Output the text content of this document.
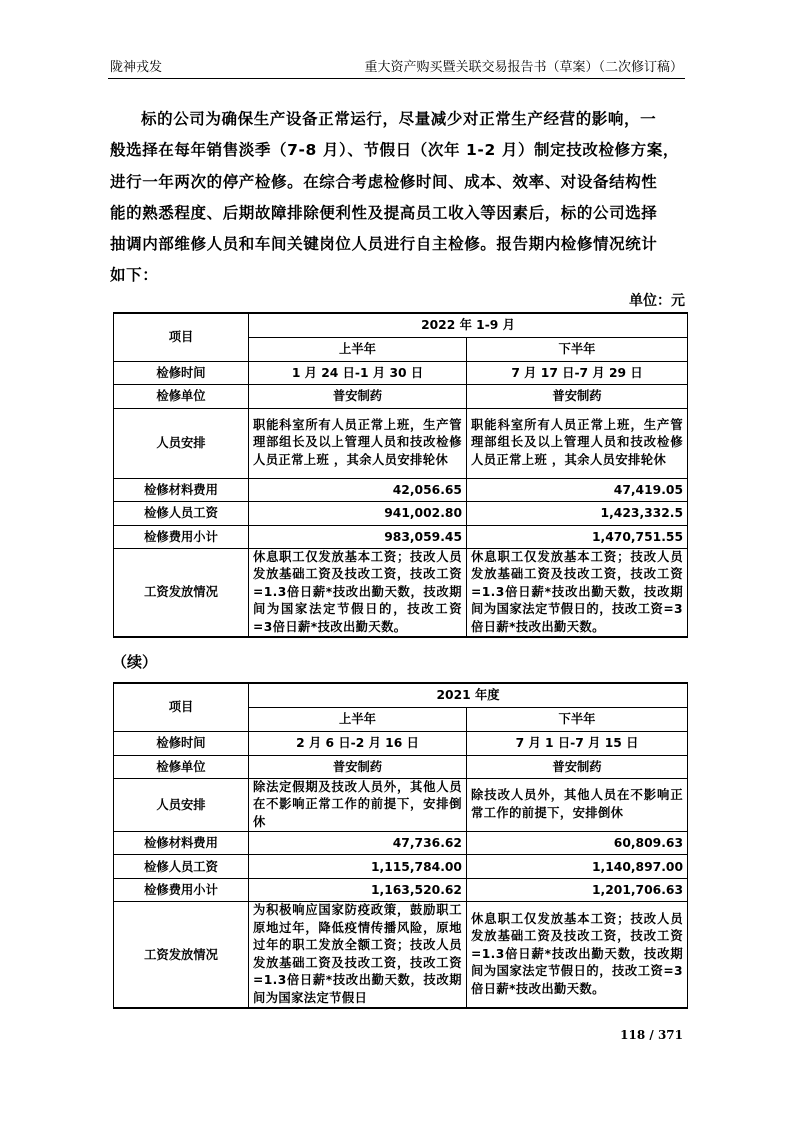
陇神戎发	重大资产购买暨关联交易报告书（草案）（二次修订稿）
标的公司为确保生产设备正常运行，尽量减少对正常生产经营的影响，一
般选择在每年销售淡季（7-8 月）、节假日（次年 1-2 月）制定技改检修方案，
进行一年两次的停产检修。在综合考虑检修时间、成本、效率、对设备结构性
能的熟悉程度、后期故障排除便利性及提高员工收入等因素后，标的公司选择
抽调内部维修人员和车间关键岗位人员进行自主检修。报告期内检修情况统计
如下：
单位：元
项目	2022 年 1-9 月	
	上半年	下半年
检修时间	1 月 24 日-1 月 30 日	7 月 17 日-7 月 29 日
检修单位	普安制药	普安制药
人员安排	职能科室所有人员正常上班，生产管理部组长及以上管理人员和技改检修人员正常上班 ，其余人员安排轮休	职能科室所有人员正常上班，生产管理部组长及以上管理人员和技改检修人员正常上班 ，其余人员安排轮休
检修材料费用	42,056.65	47,419.05
检修人员工资	941,002.80	1,423,332.5
检修费用小计	983,059.45	1,470,751.55
工资发放情况	休息职工仅发放基本工资；技改人员发放基础工资及技改工资，技改工资=1.3倍日薪*技改出勤天数，技改期间为国家法定节假日的，技改工资=3倍日薪*技改出勤天数。	休息职工仅发放基本工资；技改人员发放基础工资及技改工资，技改工资=1.3倍日薪*技改出勤天数，技改期间为国家法定节假日的，技改工资=3倍日薪*技改出勤天数。
（续）
项目	2021 年度	
	上半年	下半年
检修时间	2 月 6 日-2 月 16 日	7 月 1 日-7 月 15 日
检修单位	普安制药	普安制药
人员安排	除法定假期及技改人员外，其他人员在不影响正常工作的前提下，安排倒休	除技改人员外，其他人员在不影响正常工作的前提下，安排倒休
检修材料费用	47,736.62	60,809.63
检修人员工资	1,115,784.00	1,140,897.00
检修费用小计	1,163,520.62	1,201,706.63
工资发放情况	为积极响应国家防疫政策，鼓励职工原地过年，降低疫情传播风险，原地过年的职工发放全额工资；技改人员发放基础工资及技改工资，技改工资=1.3倍日薪*技改出勤天数，技改期间为国家法定节假日	休息职工仅发放基本工资；技改人员发放基础工资及技改工资，技改工资=1.3倍日薪*技改出勤天数，技改期间为国家法定节假日的，技改工资=3倍日薪*技改出勤天数。
118 / 371
